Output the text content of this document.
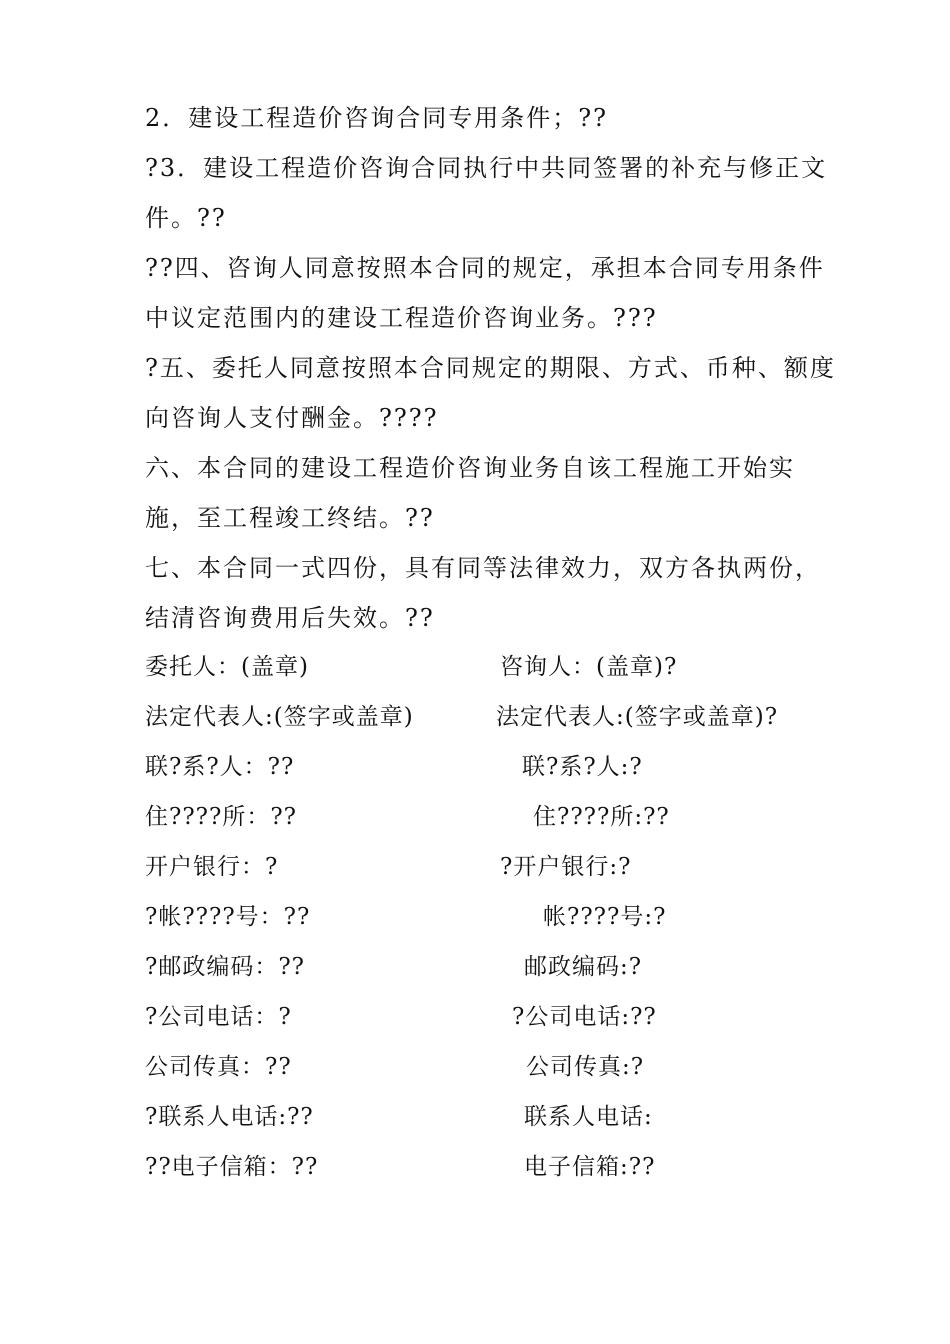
2．建设工程造价咨询合同专用条件；??
?3．建设工程造价咨询合同执行中共同签署的补充与修正文
件。??
??四、咨询人同意按照本合同的规定，承担本合同专用条件
中议定范围内的建设工程造价咨询业务。???
?五、委托人同意按照本合同规定的期限、方式、币种、额度
向咨询人支付酬金。????
六、本合同的建设工程造价咨询业务自该工程施工开始实
施，至工程竣工终结。??
七、本合同一式四份，具有同等法律效力，双方各执两份，
结清咨询费用后失效。??
委托人：(盖章)
法定代表人:(签字或盖章)
联?系?人：??
住????所：??
开户银行：?
?帐????号：??
?邮政编码：??
?公司电话：?
公司传真：??
?联系人电话:??
??电子信箱：??
咨询人：(盖章)?
法定代表人:(签字或盖章)?
联?系?人:?
住????所:??
?开户银行:?
帐????号:?
邮政编码:?
?公司电话:??
公司传真:?
联系人电话:
电子信箱:??
